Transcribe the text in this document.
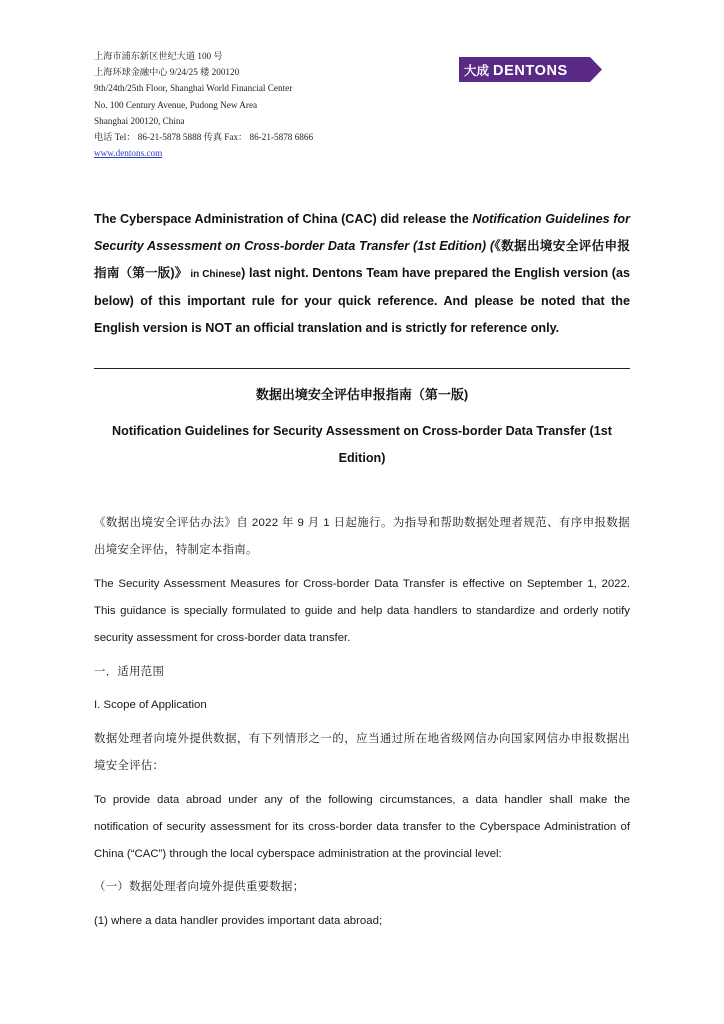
上海市浦东新区世纪大道 100 号
上海环球金融中心 9/24/25 楼 200120
9th/24th/25th Floor, Shanghai World Financial Center
No. 100 Century Avenue, Pudong New Area
Shanghai 200120, China
电话 Tel： 86-21-5878 5888 传真 Fax： 86-21-5878 6866
www.dentons.com
大成 DENTONS
The Cyberspace Administration of China (CAC) did release the Notification Guidelines for Security Assessment on Cross-border Data Transfer (1st Edition) (《数据出境安全评估申报指南（第一版)》 in Chinese) last night. Dentons Team have prepared the English version (as below) of this important rule for your quick reference. And please be noted that the English version is NOT an official translation and is strictly for reference only.
数据出境安全评估申报指南（第一版)
Notification Guidelines for Security Assessment on Cross-border Data Transfer (1st Edition)
《数据出境安全评估办法》自 2022 年 9 月 1 日起施行。为指导和帮助数据处理者规范、有序申报数据出境安全评估，特制定本指南。
The Security Assessment Measures for Cross-border Data Transfer is effective on September 1, 2022. This guidance is specially formulated to guide and help data handlers to standardize and orderly notify security assessment for cross-border data transfer.
一．适用范围
I. Scope of Application
数据处理者向境外提供数据，有下列情形之一的，应当通过所在地省级网信办向国家网信办申报数据出境安全评估：
To provide data abroad under any of the following circumstances, a data handler shall make the notification of security assessment for its cross-border data transfer to the Cyberspace Administration of China (“CAC”) through the local cyberspace administration at the provincial level:
（一）数据处理者向境外提供重要数据；
(1) where a data handler provides important data abroad;
